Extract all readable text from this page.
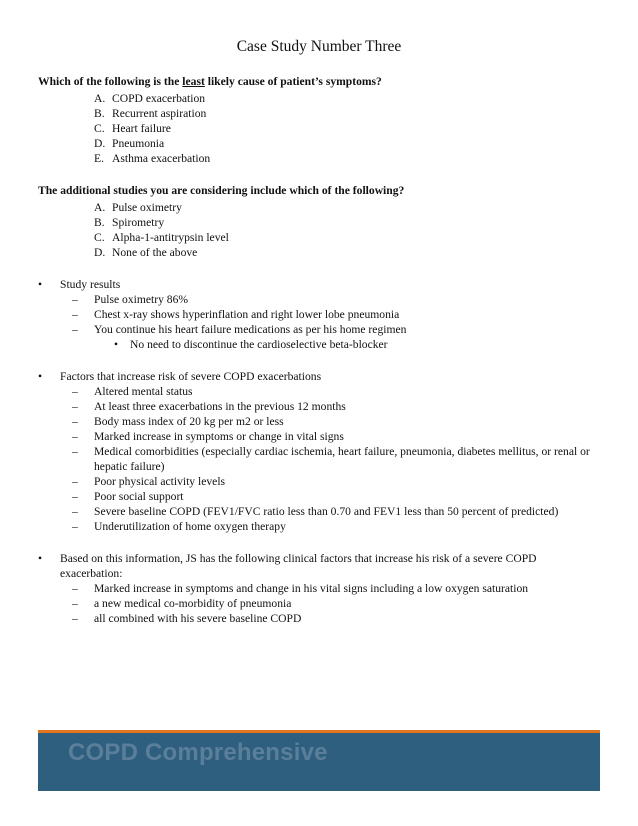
Case Study Number Three

Which of the following is the least likely cause of patient’s symptoms?

A. COPD exacerbation
B. Recurrent aspiration
C. Heart failure
D. Pneumonia
E. Asthma exacerbation

The additional studies you are considering include which of the following?

A. Pulse oximetry
B. Spirometry
C. Alpha-1-antitrypsin level
D. None of the above
•	Study results
–	Pulse oximetry 86%
–	Chest x-ray shows hyperinflation and right lower lobe pneumonia
–	You continue his heart failure medications as per his home regimen
•	No need to discontinue the cardioselective beta-blocker
•	Factors that increase risk of severe COPD exacerbations
–	Altered mental status
–	At least three exacerbations in the previous 12 months
–	Body mass index of 20 kg per m2 or less
–	Marked increase in symptoms or change in vital signs
–	Medical comorbidities (especially cardiac ischemia, heart failure, pneumonia, diabetes mellitus, or renal or hepatic failure)
–	Poor physical activity levels
–	Poor social support
–	Severe baseline COPD (FEV1/FVC ratio less than 0.70 and FEV1 less than 50 percent of predicted)
–	Underutilization of home oxygen therapy
•	Based on this information, JS has the following clinical factors that increase his risk of a severe COPD exacerbation:
–	Marked increase in symptoms and change in his vital signs including a low oxygen saturation
–	a new medical co-morbidity of pneumonia
–	all combined with his severe baseline COPD
COPD Comprehensive
